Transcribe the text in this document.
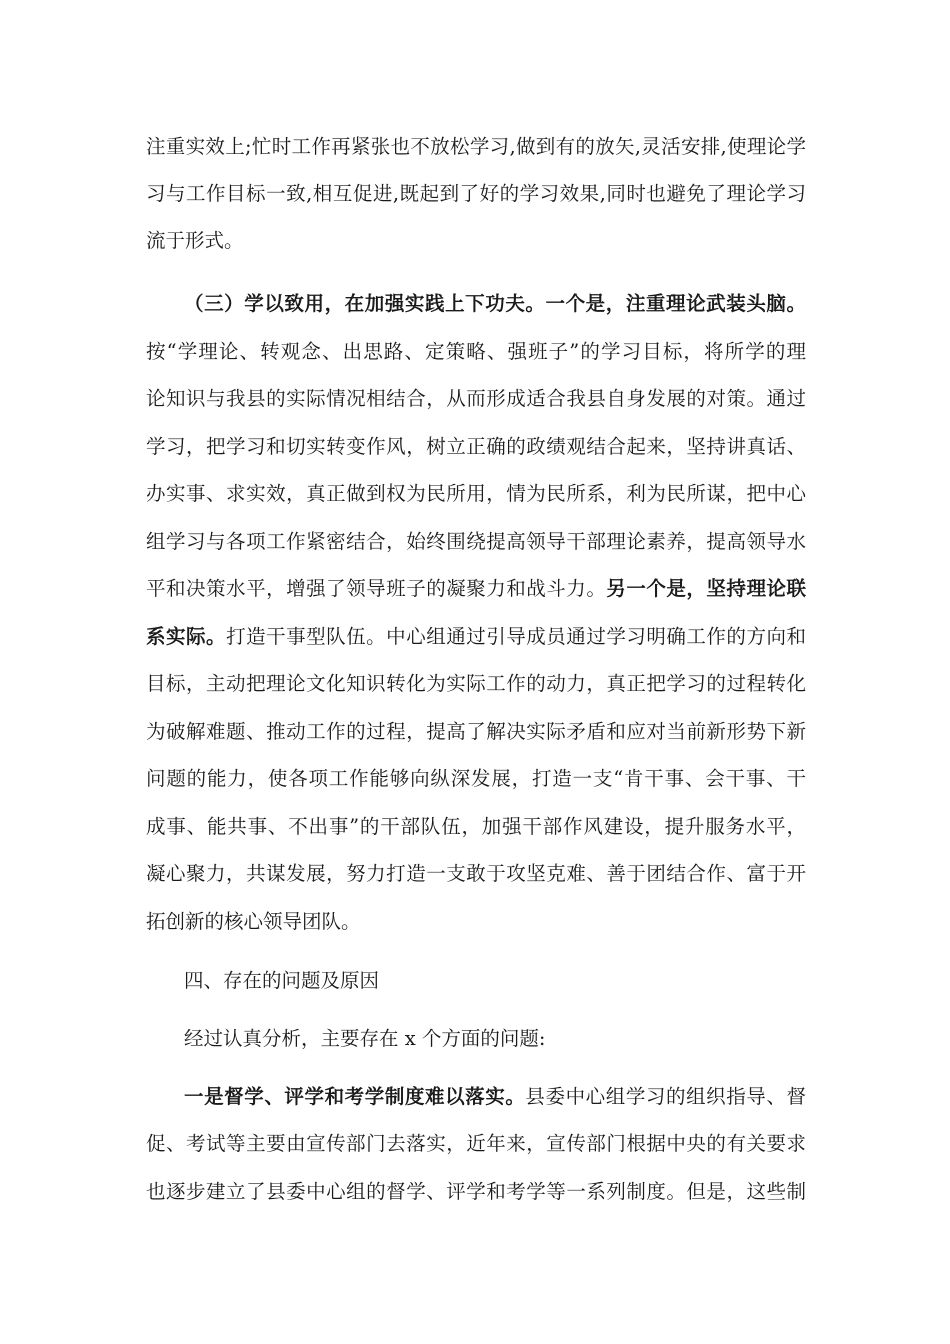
注重实效上;忙时工作再紧张也不放松学习,做到有的放矢,灵活安排,使理论学
习与工作目标一致,相互促进,既起到了好的学习效果,同时也避免了理论学习
流于形式。
（三）学以致用，在加强实践上下功夫。一个是，注重理论武装头脑。
按“学理论、转观念、出思路、定策略、强班子”的学习目标，将所学的理
论知识与我县的实际情况相结合，从而形成适合我县自身发展的对策。通过
学习，把学习和切实转变作风，树立正确的政绩观结合起来，坚持讲真话、
办实事、求实效，真正做到权为民所用，情为民所系，利为民所谋，把中心
组学习与各项工作紧密结合，始终围绕提高领导干部理论素养，提高领导水
平和决策水平，增强了领导班子的凝聚力和战斗力。另一个是，坚持理论联
系实际。打造干事型队伍。中心组通过引导成员通过学习明确工作的方向和
目标，主动把理论文化知识转化为实际工作的动力，真正把学习的过程转化
为破解难题、推动工作的过程，提高了解决实际矛盾和应对当前新形势下新
问题的能力，使各项工作能够向纵深发展，打造一支“肯干事、会干事、干
成事、能共事、不出事”的干部队伍，加强干部作风建设，提升服务水平，
凝心聚力，共谋发展，努力打造一支敢于攻坚克难、善于团结合作、富于开
拓创新的核心领导团队。
四、存在的问题及原因
经过认真分析，主要存在 x 个方面的问题:
一是督学、评学和考学制度难以落实。县委中心组学习的组织指导、督
促、考试等主要由宣传部门去落实，近年来，宣传部门根据中央的有关要求
也逐步建立了县委中心组的督学、评学和考学等一系列制度。但是，这些制
